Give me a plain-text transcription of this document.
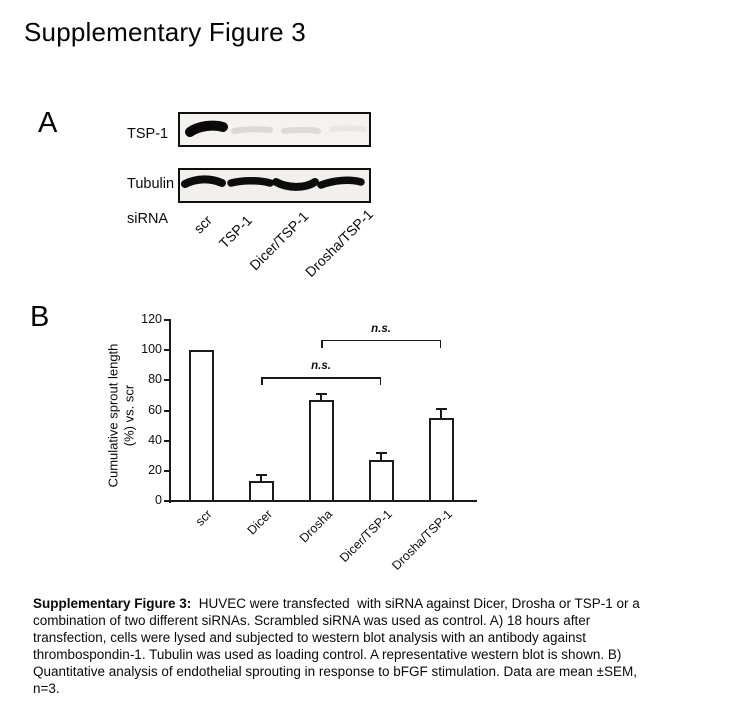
Supplementary Figure 3
A	TSP-1
Tubulin
siRNA scr TSP-1
Dicer/TSP-1
Drosha/TSP-1
B
Cumulative sprout length (%) vs. scr
0
20
40
60
80
100
120
scr Dicer Drosha Dicer/TSP-1
Drosha/TSP-1
n.s.
n.s.
Supplementary Figure 3:  HUVEC were transfected  with siRNA against Dicer, Drosha or TSP-1 or a
combination of two different siRNAs. Scrambled siRNA was used as control. A) 18 hours after
transfection, cells were lysed and subjected to western blot analysis with an antibody against
thrombospondin-1. Tubulin was used as loading control. A representative western blot is shown. B)
Quantitative analysis of endothelial sprouting in response to bFGF stimulation. Data are mean ±SEM,
n=3.
